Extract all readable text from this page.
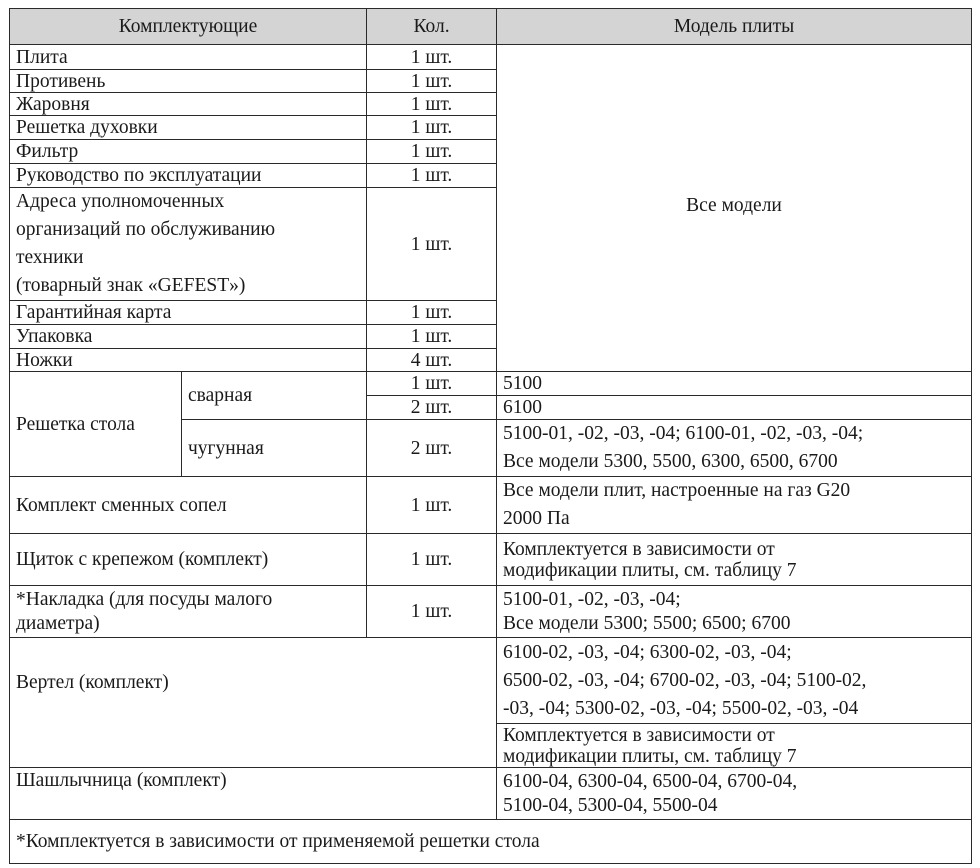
Комплектующие		Кол.	Модель плиты
Плита		1 шт.	Все модели
Противень		1 шт.	
Жаровня		1 шт.	
Решетка духовки		1 шт.	
Фильтр		1 шт.	
Руководство по эксплуатации		1 шт.	
Адреса уполномоченных
организаций по обслуживанию
техники
(товарный знак «GEFEST»)		1 шт.	
Гарантийная карта		1 шт.	
Упаковка		1 шт.	
Ножки		4 шт.	
Решетка стола	сварная	1 шт.	5100
		2 шт.	6100
	чугунная	2 шт.	5100-01, -02, -03, -04; 6100-01, -02, -03, -04;
Все модели 5300, 5500, 6300, 6500, 6700
Комплект сменных сопел		1 шт.	Все модели плит, настроенные на газ G20
2000 Па
Щиток с крепежом (комплект)		1 шт.	Комплектуется в зависимости от
модификации плиты, см. таблицу 7
*Накладка (для посуды малого
диаметра)		1 шт.	5100-01, -02, -03, -04;
Все модели 5300; 5500; 6500; 6700
Вертел (комплект)			6100-02, -03, -04; 6300-02, -03, -04;
6500-02, -03, -04; 6700-02, -03, -04; 5100-02,
-03, -04; 5300-02, -03, -04; 5500-02, -03, -04
			Комплектуется в зависимости от
модификации плиты, см. таблицу 7
Шашлычница (комплект)			6100-04, 6300-04, 6500-04, 6700-04,
5100-04, 5300-04, 5500-04
*Комплектуется в зависимости от применяемой решетки стола			
